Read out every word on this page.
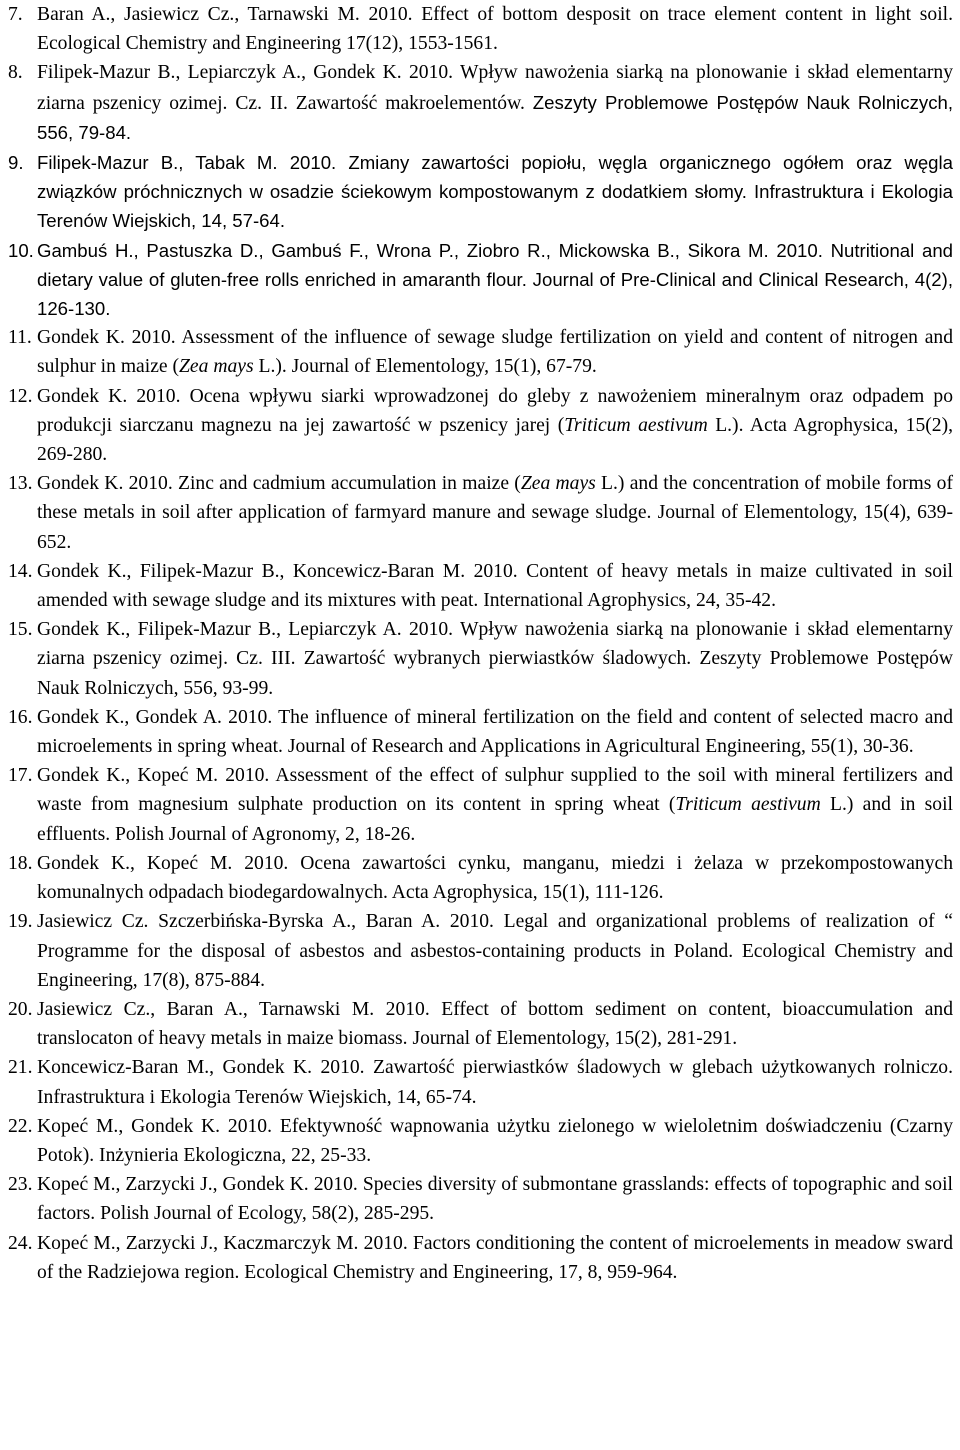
7. Baran A., Jasiewicz Cz., Tarnawski M. 2010. Effect of bottom desposit on trace element content in light soil. Ecological Chemistry and Engineering 17(12), 1553-1561.
8. Filipek-Mazur B., Lepiarczyk A., Gondek K. 2010. Wpływ nawożenia siarką na plonowanie i skład elementarny ziarna pszenicy ozimej. Cz. II. Zawartość makroelementów. Zeszyty Problemowe Postępów Nauk Rolniczych, 556, 79-84.
9. Filipek-Mazur B., Tabak M. 2010. Zmiany zawartości popiołu, węgla organicznego ogółem oraz węgla związków próchnicznych w osadzie ściekowym kompostowanym z dodatkiem słomy. Infrastruktura i Ekologia Terenów Wiejskich, 14, 57-64.
10. Gambuś H., Pastuszka D., Gambuś F., Wrona P., Ziobro R., Mickowska B., Sikora M. 2010. Nutritional and dietary value of gluten-free rolls enriched in amaranth flour. Journal of Pre-Clinical and Clinical Research, 4(2), 126-130.
11. Gondek K. 2010. Assessment of the influence of sewage sludge fertilization on yield and content of nitrogen and sulphur in maize (Zea mays L.). Journal of Elementology, 15(1), 67-79.
12. Gondek K. 2010. Ocena wpływu siarki wprowadzonej do gleby z nawożeniem mineralnym oraz odpadem po produkcji siarczanu magnezu na jej zawartość w pszenicy jarej (Triticum aestivum L.). Acta Agrophysica, 15(2), 269-280.
13. Gondek K. 2010. Zinc and cadmium accumulation in maize (Zea mays L.) and the concentration of mobile forms of these metals in soil after application of farmyard manure and sewage sludge. Journal of Elementology, 15(4), 639-652.
14. Gondek K., Filipek-Mazur B., Koncewicz-Baran M. 2010. Content of heavy metals in maize cultivated in soil amended with sewage sludge and its mixtures with peat. International Agrophysics, 24, 35-42.
15. Gondek K., Filipek-Mazur B., Lepiarczyk A. 2010. Wpływ nawożenia siarką na plonowanie i skład elementarny ziarna pszenicy ozimej. Cz. III. Zawartość wybranych pierwiastków śladowych. Zeszyty Problemowe Postępów Nauk Rolniczych, 556, 93-99.
16. Gondek K., Gondek A. 2010. The influence of mineral fertilization on the field and content of selected macro and microelements in spring wheat. Journal of Research and Applications in Agricultural Engineering, 55(1), 30-36.
17. Gondek K., Kopeć M. 2010. Assessment of the effect of sulphur supplied to the soil with mineral fertilizers and waste from magnesium sulphate production on its content in spring wheat (Triticum aestivum L.) and in soil effluents. Polish Journal of Agronomy, 2, 18-26.
18. Gondek K., Kopeć M. 2010. Ocena zawartości cynku, manganu, miedzi i żelaza w przekompostowanych komunalnych odpadach biodegardowalnych. Acta Agrophysica, 15(1), 111-126.
19. Jasiewicz Cz. Szczerbińska-Byrska A., Baran A. 2010. Legal and organizational problems of realization of “ Programme for the disposal of asbestos and asbestos-containing products in Poland. Ecological Chemistry and Engineering, 17(8), 875-884.
20. Jasiewicz Cz., Baran A., Tarnawski M. 2010. Effect of bottom sediment on content, bioaccumulation and translocaton of heavy metals in maize biomass. Journal of Elementology, 15(2), 281-291.
21. Koncewicz-Baran M., Gondek K. 2010. Zawartość pierwiastków śladowych w glebach użytkowanych rolniczo. Infrastruktura i Ekologia Terenów Wiejskich, 14, 65-74.
22. Kopeć M., Gondek K. 2010. Efektywność wapnowania użytku zielonego w wieloletnim doświadczeniu (Czarny Potok). Inżynieria Ekologiczna, 22, 25-33.
23. Kopeć M., Zarzycki J., Gondek K. 2010. Species diversity of submontane grasslands: effects of topographic and soil factors. Polish Journal of Ecology, 58(2), 285-295.
24. Kopeć M., Zarzycki J., Kaczmarczyk M. 2010. Factors conditioning the content of microelements in meadow sward of the Radziejowa region. Ecological Chemistry and Engineering, 17, 8, 959-964.
